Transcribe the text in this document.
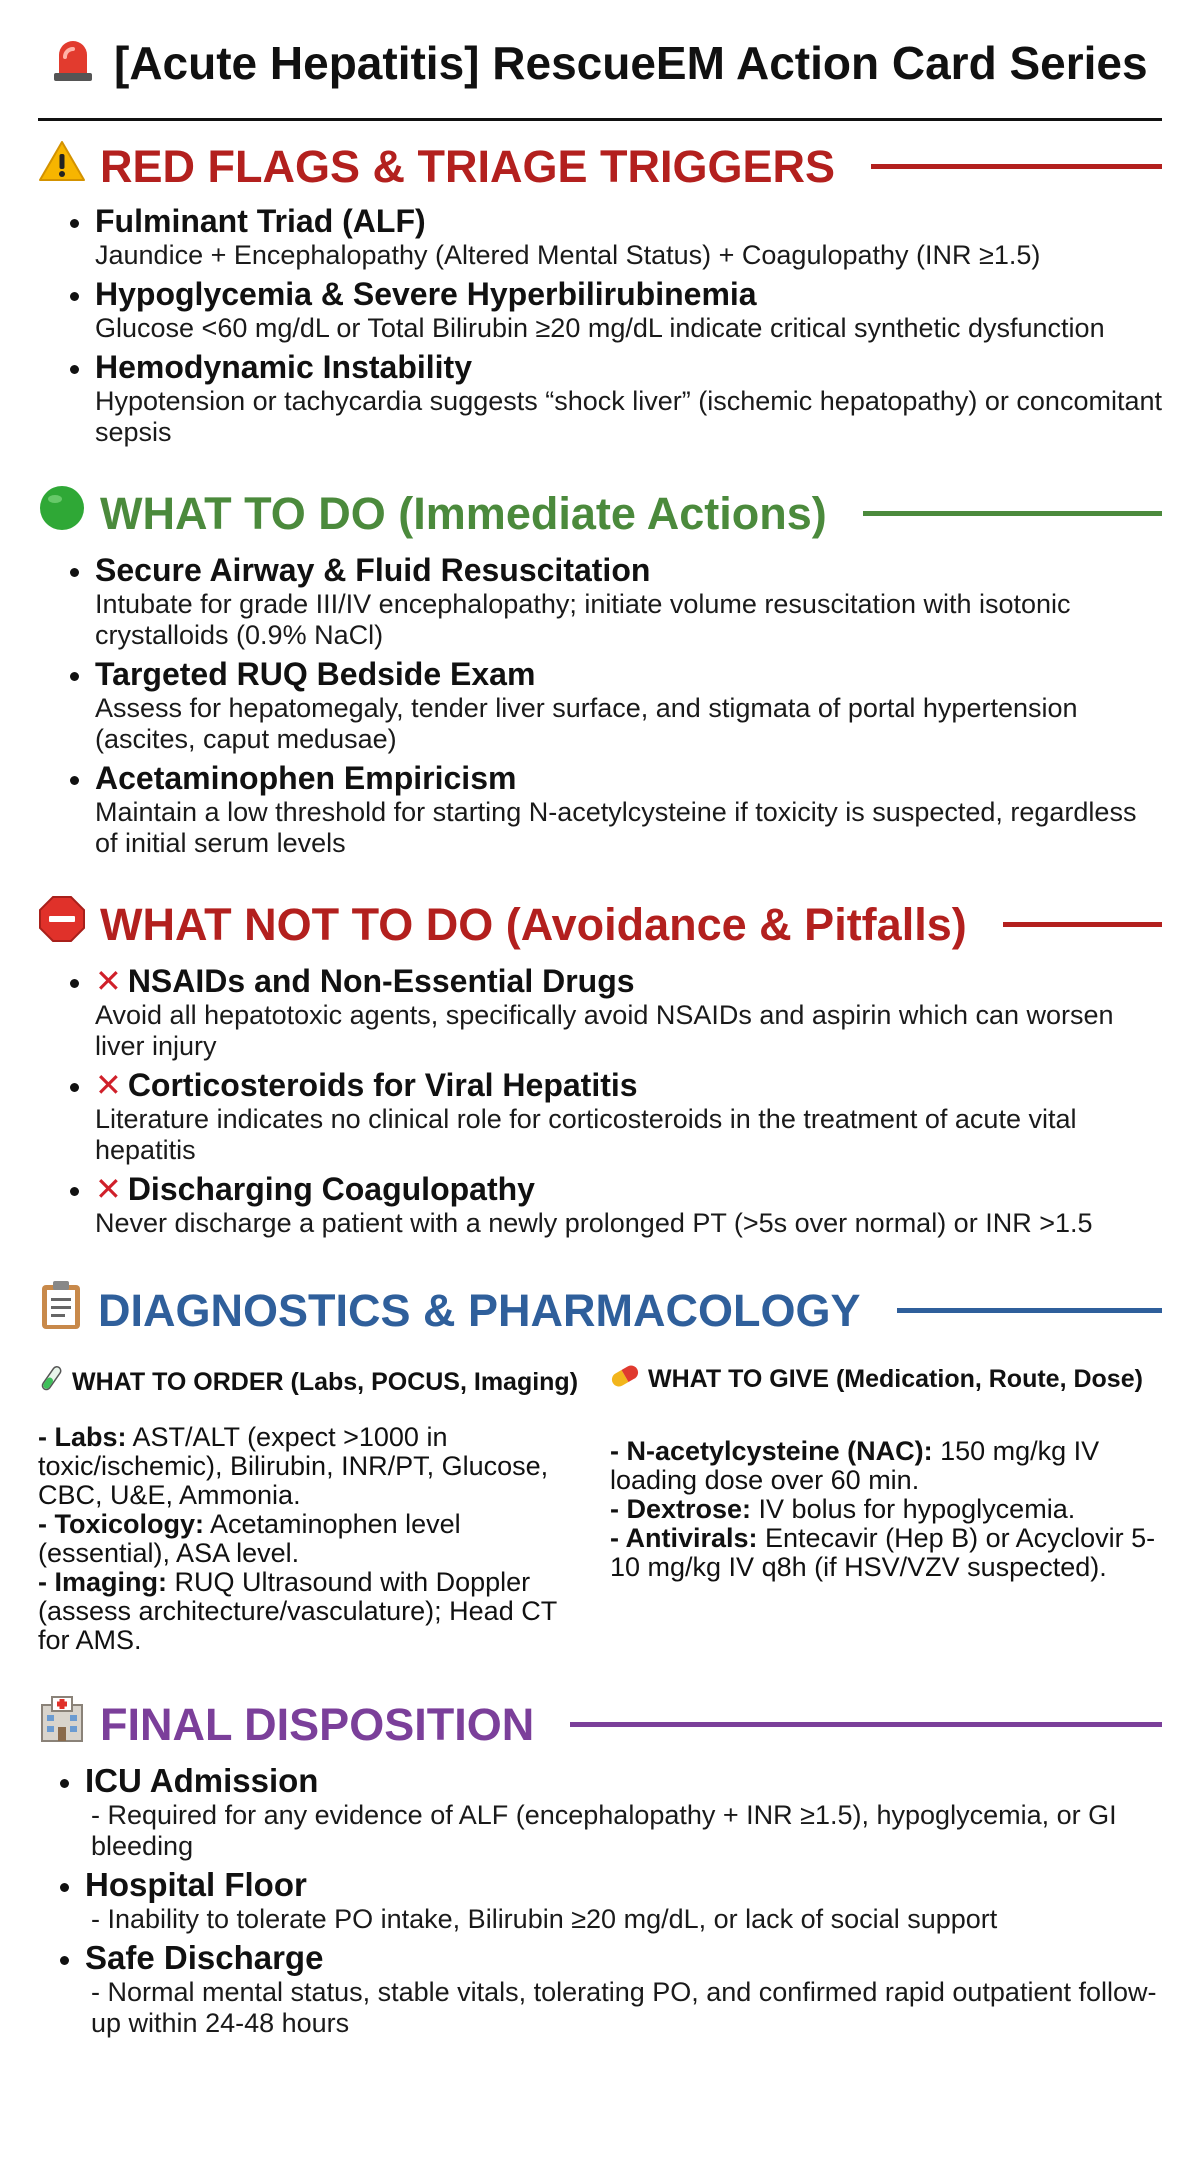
[Acute Hepatitis] RescueEM Action Card Series
RED FLAGS & TRIAGE TRIGGERS
Fulminant Triad (ALF)
Jaundice + Encephalopathy (Altered Mental Status) + Coagulopathy (INR ≥1.5)
Hypoglycemia & Severe Hyperbilirubinemia
Glucose <60 mg/dL or Total Bilirubin ≥20 mg/dL indicate critical synthetic dysfunction
Hemodynamic Instability
Hypotension or tachycardia suggests “shock liver” (ischemic hepatopathy) or concomitant sepsis
WHAT TO DO (Immediate Actions)
Secure Airway & Fluid Resuscitation
Intubate for grade III/IV encephalopathy; initiate volume resuscitation with isotonic crystalloids (0.9% NaCl)
Targeted RUQ Bedside Exam
Assess for hepatomegaly, tender liver surface, and stigmata of portal hypertension (ascites, caput medusae)
Acetaminophen Empiricism
Maintain a low threshold for starting N-acetylcysteine if toxicity is suspected, regardless of initial serum levels
WHAT NOT TO DO (Avoidance & Pitfalls)
✕ NSAIDs and Non-Essential Drugs
Avoid all hepatotoxic agents, specifically avoid NSAIDs and aspirin which can worsen liver injury
✕ Corticosteroids for Viral Hepatitis
Literature indicates no clinical role for corticosteroids in the treatment of acute vital hepatitis
✕ Discharging Coagulopathy
Never discharge a patient with a newly prolonged PT (>5s over normal) or INR >1.5
DIAGNOSTICS & PHARMACOLOGY
WHAT TO ORDER (Labs, POCUS, Imaging)

- Labs: AST/ALT (expect >1000 in toxic/ischemic), Bilirubin, INR/PT, Glucose, CBC, U&E, Ammonia.

- Toxicology: Acetaminophen level (essential), ASA level.

- Imaging: RUQ Ultrasound with Doppler (assess architecture/vasculature); Head CT for AMS.

WHAT TO GIVE (Medication, Route, Dose)

- N-acetylcysteine (NAC): 150 mg/kg IV loading dose over 60 min.

- Dextrose: IV bolus for hypoglycemia.

- Antivirals: Entecavir (Hep B) or Acyclovir 5-10 mg/kg IV q8h (if HSV/VZV suspected).

FINAL DISPOSITION
ICU Admission
- Required for any evidence of ALF (encephalopathy + INR ≥1.5), hypoglycemia, or GI bleeding
Hospital Floor
- Inability to tolerate PO intake, Bilirubin ≥20 mg/dL, or lack of social support
Safe Discharge
- Normal mental status, stable vitals, tolerating PO, and confirmed rapid outpatient follow-up within 24-48 hours
